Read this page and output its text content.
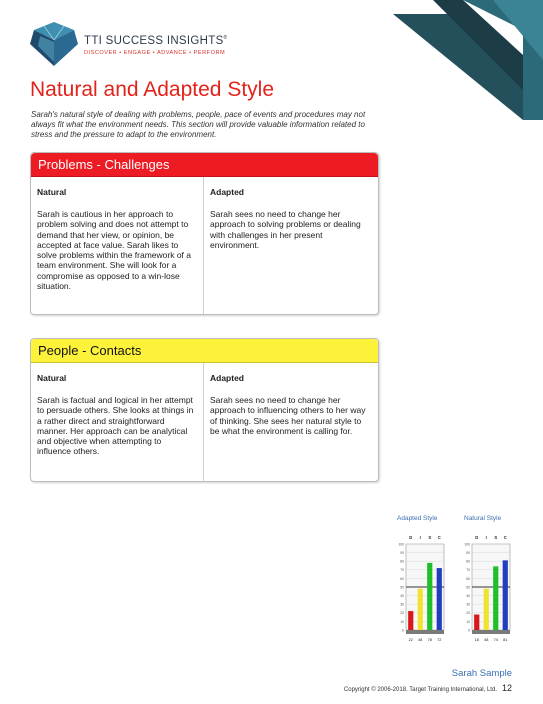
TTI SUCCESS INSIGHTS®
DISCOVER • ENGAGE • ADVANCE • PERFORM
Natural and Adapted Style
Sarah's natural style of dealing with problems, people, pace of events and procedures may not always fit what the environment needs. This section will provide valuable information related to stress and the pressure to adapt to the environment.
Problems - Challenges
Natural
Sarah is cautious in her approach to problem solving and does not attempt to demand that her view, or opinion, be accepted at face value. Sarah likes to solve problems within the framework of a team environment. She will look for a compromise as opposed to a win-lose situation.
Adapted
Sarah sees no need to change her approach to solving problems or dealing with challenges in her present environment.
People - Contacts
Natural
Sarah is factual and logical in her attempt to persuade others. She looks at things in a rather direct and straightforward manner. Her approach can be analytical and objective when attempting to influence others.
Adapted
Sarah sees no need to change her approach to influencing others to her way of thinking. She sees her natural style to be what the environment is calling for.
Adapted Style	Natural Style
100
90
80
70
60
50
40
30
20
10
0
D
22
I
48
S
78
C
72
100
90
80
70
60
50
40
30
20
10
0
D
18
I
48
S
74
C
81
Sarah Sample
Copyright © 2006-2018. Target Training International, Ltd. 12
